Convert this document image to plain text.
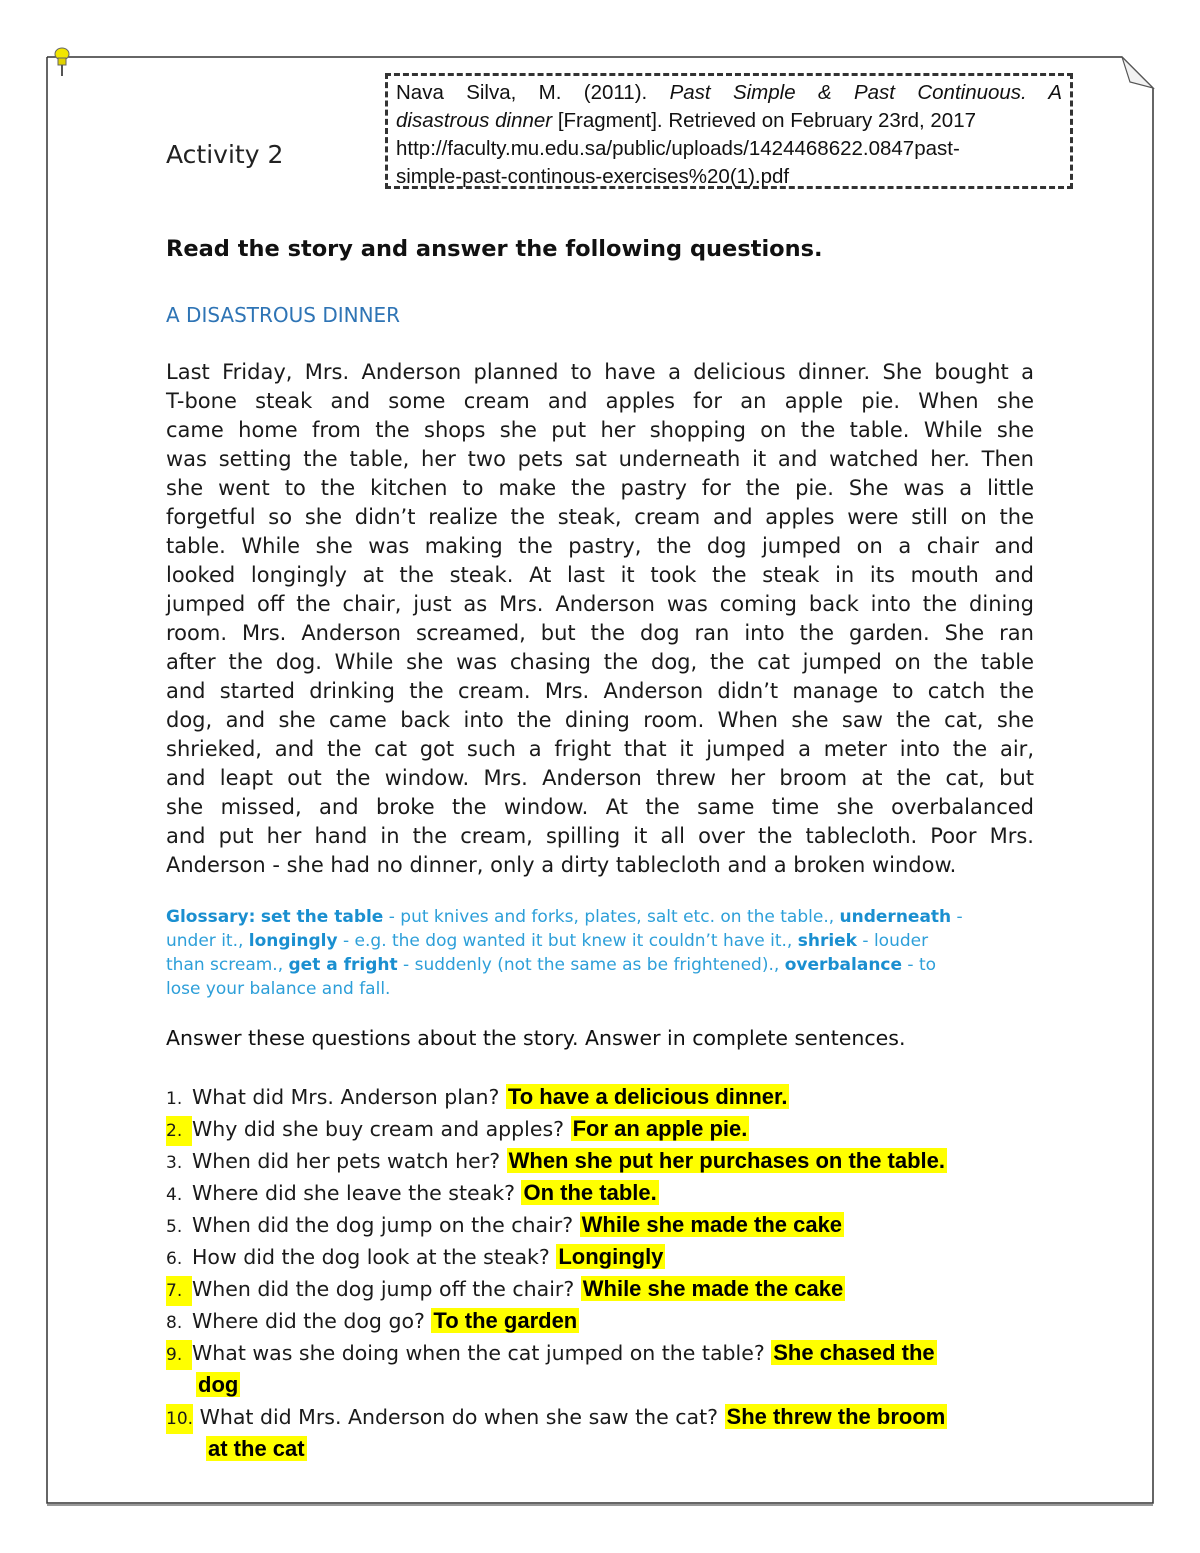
Activity 2
Nava Silva, M. (2011). Past Simple & Past Continuous. A
disastrous dinner [Fragment]. Retrieved on February 23rd, 2017
http://faculty.mu.edu.sa/public/uploads/1424468622.0847past-
simple-past-continous-exercises%20(1).pdf
Read the story and answer the following questions.
A DISASTROUS DINNER
Last Friday, Mrs. Anderson planned to have a delicious dinner. She bought a
T-bone steak and some cream and apples for an apple pie. When she
came home from the shops she put her shopping on the table. While she
was setting the table, her two pets sat underneath it and watched her. Then
she went to the kitchen to make the pastry for the pie. She was a little
forgetful so she didn’t realize the steak, cream and apples were still on the
table. While she was making the pastry, the dog jumped on a chair and
looked longingly at the steak. At last it took the steak in its mouth and
jumped off the chair, just as Mrs. Anderson was coming back into the dining
room. Mrs. Anderson screamed, but the dog ran into the garden. She ran
after the dog. While she was chasing the dog, the cat jumped on the table
and started drinking the cream. Mrs. Anderson didn’t manage to catch the
dog, and she came back into the dining room. When she saw the cat, she
shrieked, and the cat got such a fright that it jumped a meter into the air,
and leapt out the window. Mrs. Anderson threw her broom at the cat, but
she missed, and broke the window. At the same time she overbalanced
and put her hand in the cream, spilling it all over the tablecloth. Poor Mrs.
Anderson - she had no dinner, only a dirty tablecloth and a broken window.
Glossary: set the table - put knives and forks, plates, salt etc. on the table., underneath -
under it., longingly - e.g. the dog wanted it but knew it couldn’t have it., shriek - louder
than scream., get a fright - suddenly (not the same as be frightened)., overbalance - to
lose your balance and fall.
Answer these questions about the story. Answer in complete sentences.
1. What did Mrs. Anderson plan? To have a delicious dinner.
2. Why did she buy cream and apples? For an apple pie.
3. When did her pets watch her? When she put her purchases on the table.
4. Where did she leave the steak? On the table.
5. When did the dog jump on the chair? While she made the cake
6. How did the dog look at the steak? Longingly
7. When did the dog jump off the chair? While she made the cake
8. Where did the dog go? To the garden
9. What was she doing when the cat jumped on the table? She chased the
dog
10. What did Mrs. Anderson do when she saw the cat? She threw the broom
at the cat
